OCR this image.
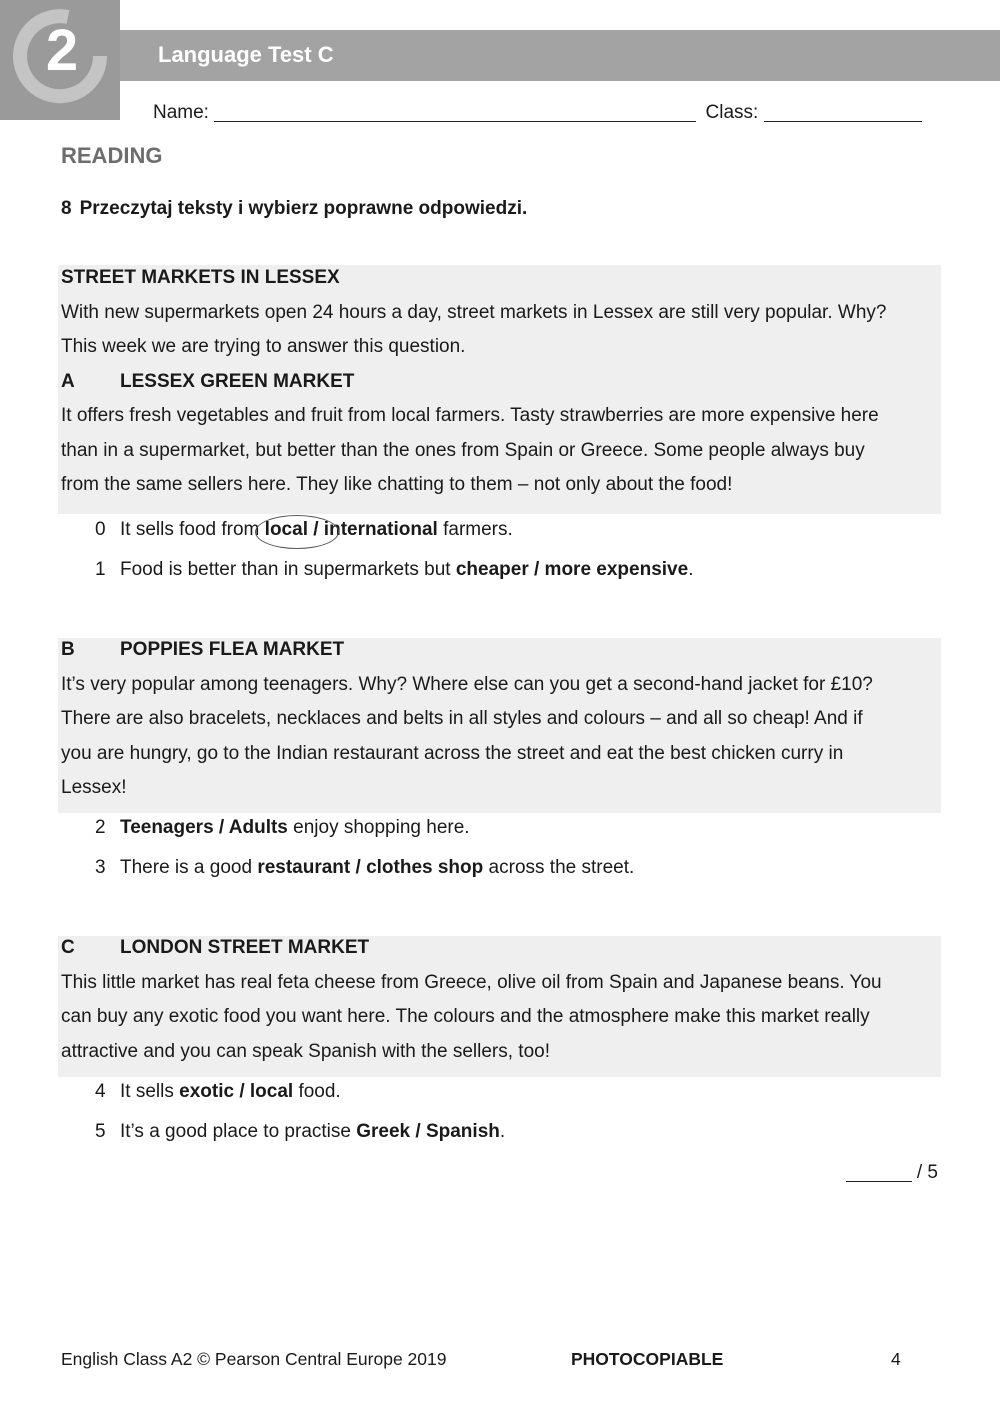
2	Language Test C
Name:	Class:
READING
8 Przeczytaj teksty i wybierz poprawne odpowiedzi.
STREET MARKETS IN LESSEX
With new supermarkets open 24 hours a day, street markets in Lessex are still very popular. Why?
This week we are trying to answer this question.
A LESSEX GREEN MARKET
It offers fresh vegetables and fruit from local farmers. Tasty strawberries are more expensive here
than in a supermarket, but better than the ones from Spain or Greece. Some people always buy
from the same sellers here. They like chatting to them – not only about the food!
0 It sells food from local / international farmers.
1 Food is better than in supermarkets but cheaper / more expensive.
B POPPIES FLEA MARKET
It’s very popular among teenagers. Why? Where else can you get a second-hand jacket for £10?
There are also bracelets, necklaces and belts in all styles and colours – and all so cheap! And if
you are hungry, go to the Indian restaurant across the street and eat the best chicken curry in
Lessex!
2 Teenagers / Adults enjoy shopping here.
3 There is a good restaurant / clothes shop across the street.
C LONDON STREET MARKET
This little market has real feta cheese from Greece, olive oil from Spain and Japanese beans. You
can buy any exotic food you want here. The colours and the atmosphere make this market really
attractive and you can speak Spanish with the sellers, too!
4 It sells exotic / local food.
5 It’s a good place to practise Greek / Spanish.
/ 5
English Class A2 © Pearson Central Europe 2019	PHOTOCOPIABLE	4
